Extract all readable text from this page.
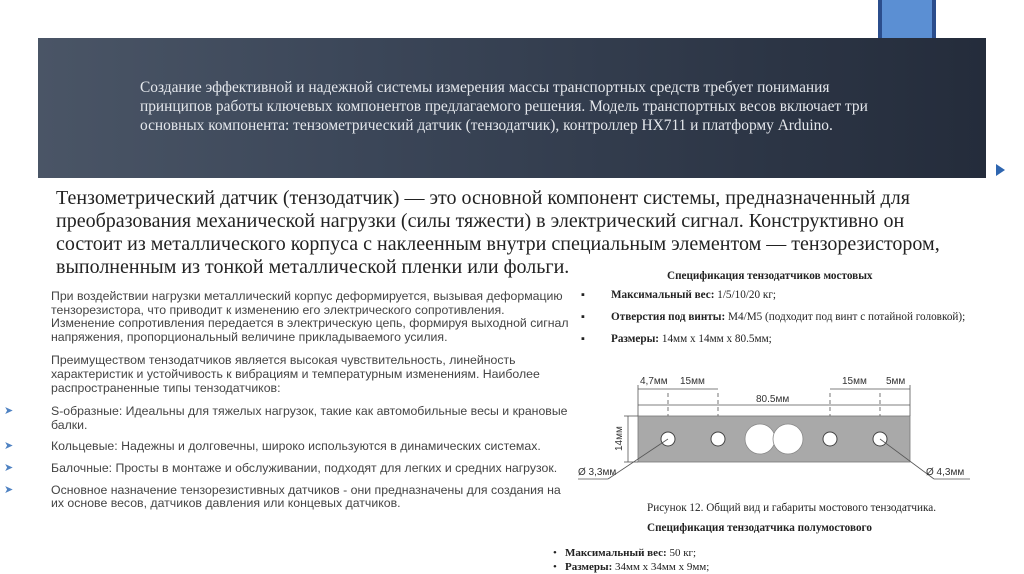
Создание эффективной и надежной системы измерения массы транспортных средств требует понимания принципов работы ключевых компонентов предлагаемого решения. Модель транспортных весов включает три основных компонента: тензометрический датчик (тензодатчик), контроллер HX711 и платформу Arduino.
Тензометрический датчик (тензодатчик) — это основной компонент системы, предназначенный для преобразования механической нагрузки (силы тяжести) в электрический сигнал. Конструктивно он состоит из металлического корпуса с наклеенным внутри специальным элементом — тензорезистором, выполненным из тонкой металлической пленки или фольги.

При воздействии нагрузки металлический корпус деформируется, вызывая деформацию тензорезистора, что приводит к изменению его электрического сопротивления. Изменение сопротивления передается в электрическую цепь, формируя выходной сигнал напряжения, пропорциональный величине прикладываемого усилия.

Преимуществом тензодатчиков является высокая чувствительность, линейность характеристик и устойчивость к вибрациям и температурным изменениям. Наиболее распространенные типы тензодатчиков:

➤	S-образные: Идеальны для тяжелых нагрузок, такие как автомобильные весы и крановые балки.
➤	Кольцевые: Надежны и долговечны, широко используются в динамических системах.
➤	Балочные: Просты в монтаже и обслуживании, подходят для легких и средних нагрузок.
➤	Основное назначение тензорезистивных датчиков - они предназначены для создания на их основе весов, датчиков давления или концевых датчиков.
Спецификация тензодатчиков мостовых
▪ Максимальный вес: 1/5/10/20 кг;
▪ Отверстия под винты: М4/М5 (подходит под винт с потайной головкой);
▪ Размеры: 14мм х 14мм х 80.5мм;
4,7мм 15мм	15мм 5мм
80.5мм
14мм
Ø 3,3мм	Ø 4,3мм
Рисунок 12. Общий вид и габариты мостового тензодатчика.
Спецификация тензодатчика полумостового
• Максимальный вес: 50 кг;
• Размеры: 34мм х 34мм х 9мм;
